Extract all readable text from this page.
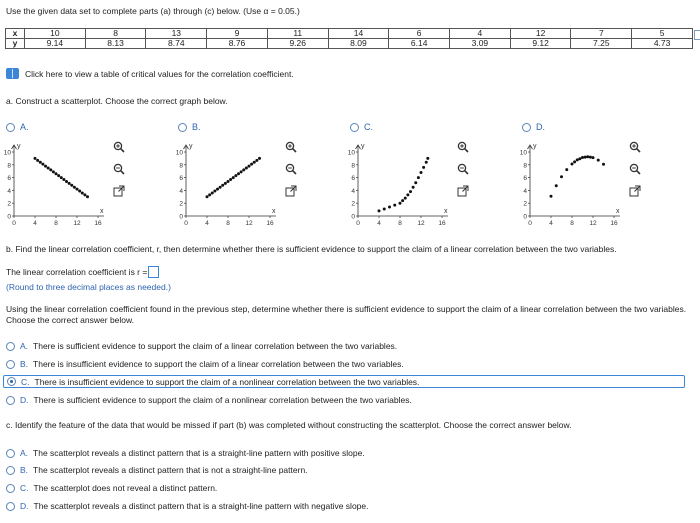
Use the given data set to complete parts (a) through (c) below. (Use α = 0.05.)
x	10	8	13	9	11	14	6	4	12	7	5
y	9.14	8.13	8.74	8.76	9.26	8.09	6.14	3.09	9.12	7.25	4.73
Click here to view a table of critical values for the correlation coefficient.
a. Construct a scatterplot. Choose the correct graph below.
A.
y
x
10
8
6
4
2
0
0	4	8 12 16
B.
y
x
10
8
6
4
2
0
0	4	8 12 16
C.
y
x
10
8
6
4
2
0
0	4	8 12 16
D.
y
x
10
8
6
4
2
0
0	4	8 12 16
b. Find the linear correlation coefficient, r, then determine whether there is sufficient evidence to support the claim of a linear correlation between the two variables.
The linear correlation coefficient is r =
(Round to three decimal places as needed.)
Using the linear correlation coefficient found in the previous step, determine whether there is sufficient evidence to support the claim of a linear correlation between the two variables. Choose the correct answer below.
A. There is sufficient evidence to support the claim of a linear correlation between the two variables.
B. There is insufficient evidence to support the claim of a linear correlation between the two variables.
C. There is insufficient evidence to support the claim of a nonlinear correlation between the two variables.
D. There is sufficient evidence to support the claim of a nonlinear correlation between the two variables.
c. Identify the feature of the data that would be missed if part (b) was completed without constructing the scatterplot. Choose the correct answer below.
A. The scatterplot reveals a distinct pattern that is a straight-line pattern with positive slope.
B. The scatterplot reveals a distinct pattern that is not a straight-line pattern.
C. The scatterplot does not reveal a distinct pattern.
D. The scatterplot reveals a distinct pattern that is a straight-line pattern with negative slope.
